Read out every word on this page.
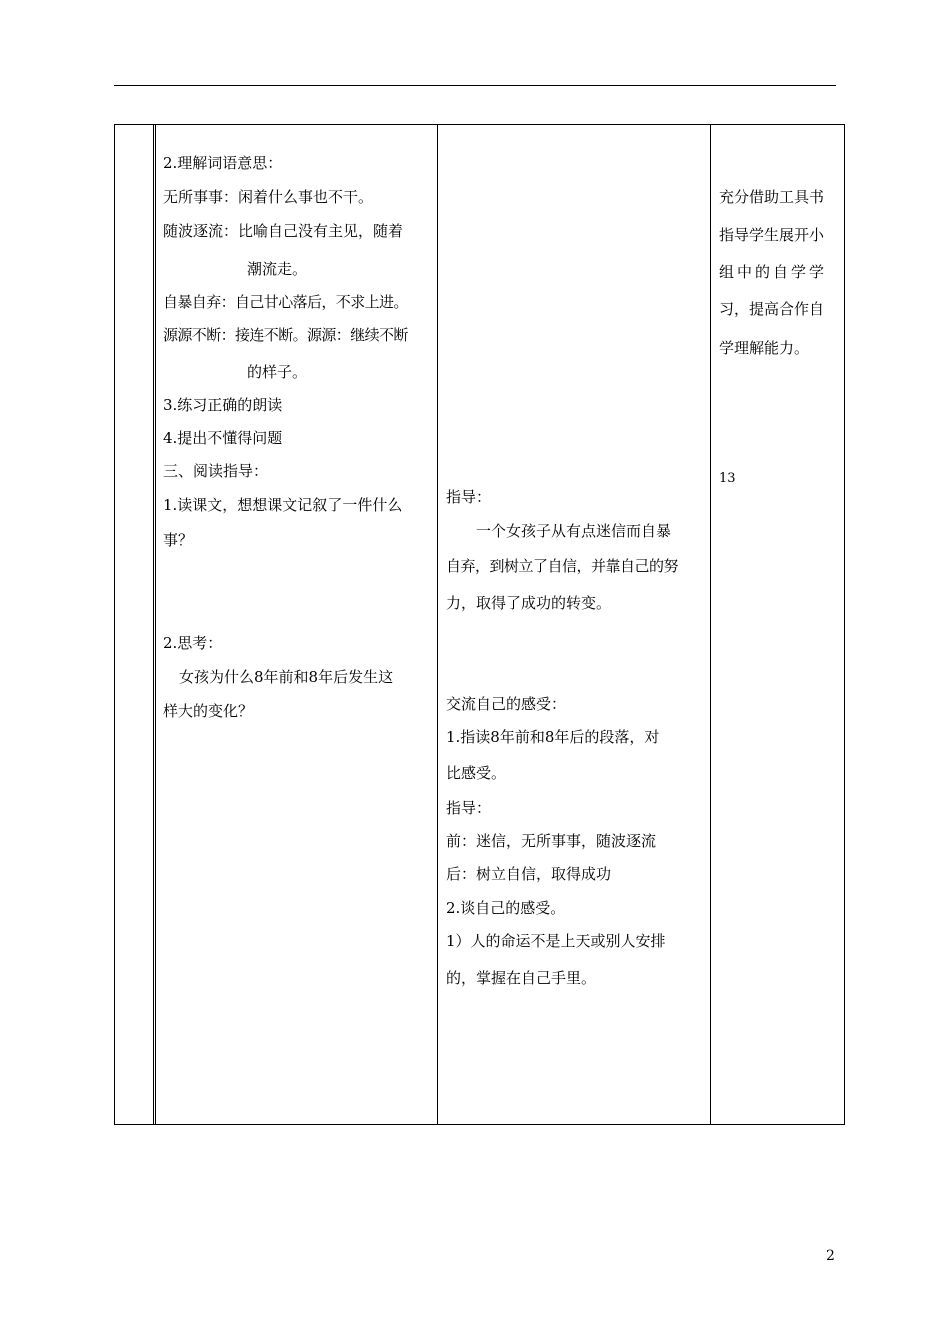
2.理解词语意思：
无所事事：闲着什么事也不干。
随波逐流：比喻自己没有主见，随着
潮流走。
自暴自弃：自己甘心落后，不求上进。
源源不断：接连不断。源源：继续不断
的样子。
3.练习正确的朗读
4.提出不懂得问题
三、阅读指导：
1.读课文，想想课文记叙了一件什么
事？
2.思考：
女孩为什么8年前和8年后发生这
样大的变化？
指导：
一个女孩子从有点迷信而自暴
自弃，到树立了自信，并靠自己的努
力，取得了成功的转变。
交流自己的感受：
1.指读8年前和8年后的段落，对
比感受。
指导：
前：迷信，无所事事，随波逐流
后：树立自信，取得成功
2.谈自己的感受。
1）人的命运不是上天或别人安排
的，掌握在自己手里。
充分借助工具书
指导学生展开小
组中的自学学
习，提高合作自
学理解能力。
13
2
